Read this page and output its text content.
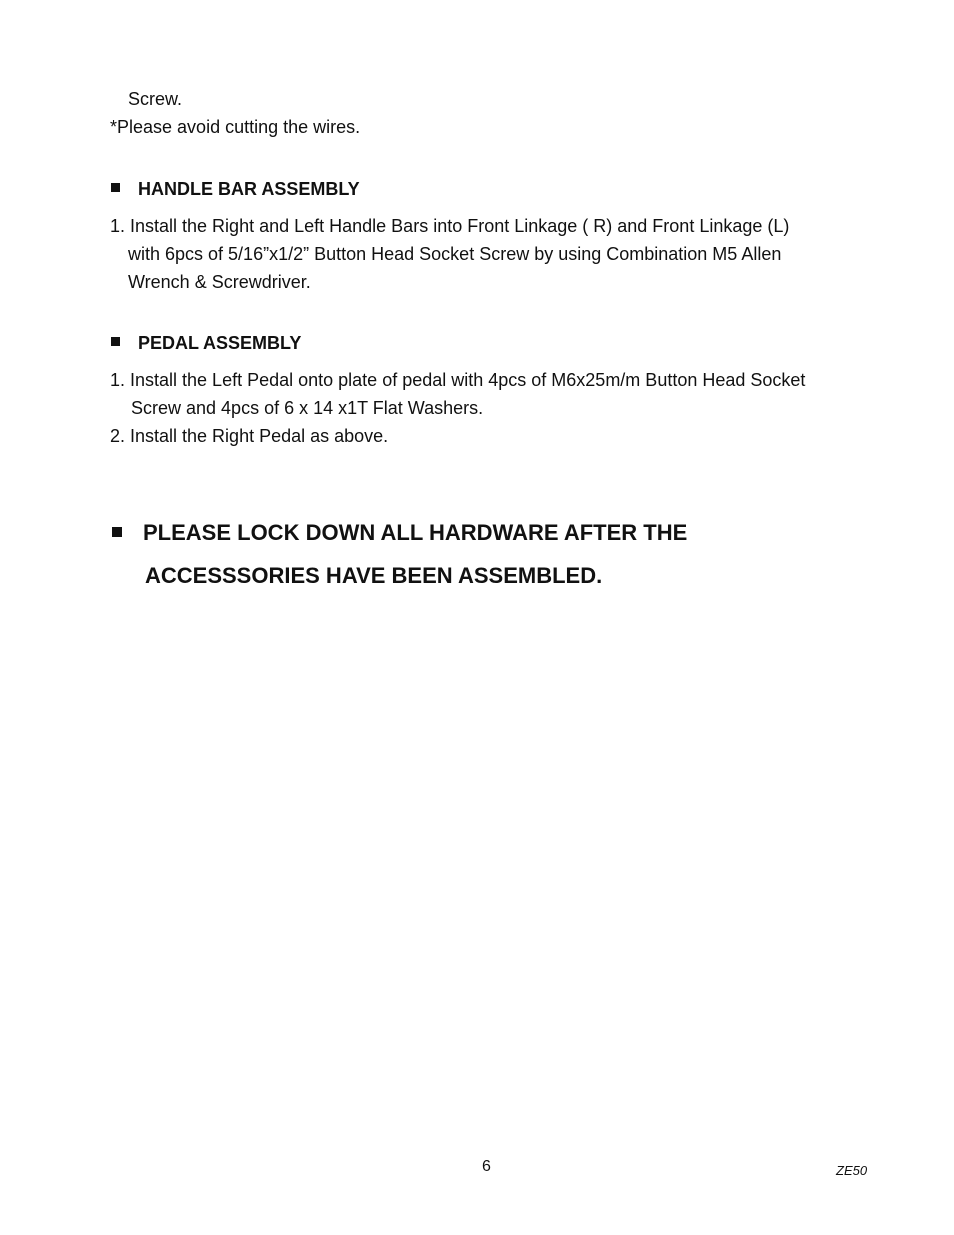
Screw.
*Please avoid cutting the wires.
HANDLE BAR ASSEMBLY
1. Install the Right and Left Handle Bars into Front Linkage ( R) and Front Linkage (L)
with 6pcs of 5/16”x1/2” Button Head Socket Screw by using Combination M5 Allen
Wrench & Screwdriver.
PEDAL ASSEMBLY
1. Install the Left Pedal onto plate of pedal with 4pcs of M6x25m/m Button Head Socket
Screw and 4pcs of 6 x 14 x1T Flat Washers.
2. Install the Right Pedal as above.
PLEASE LOCK DOWN ALL HARDWARE AFTER THE
ACCESSSORIES HAVE BEEN ASSEMBLED.
6	ZE50
